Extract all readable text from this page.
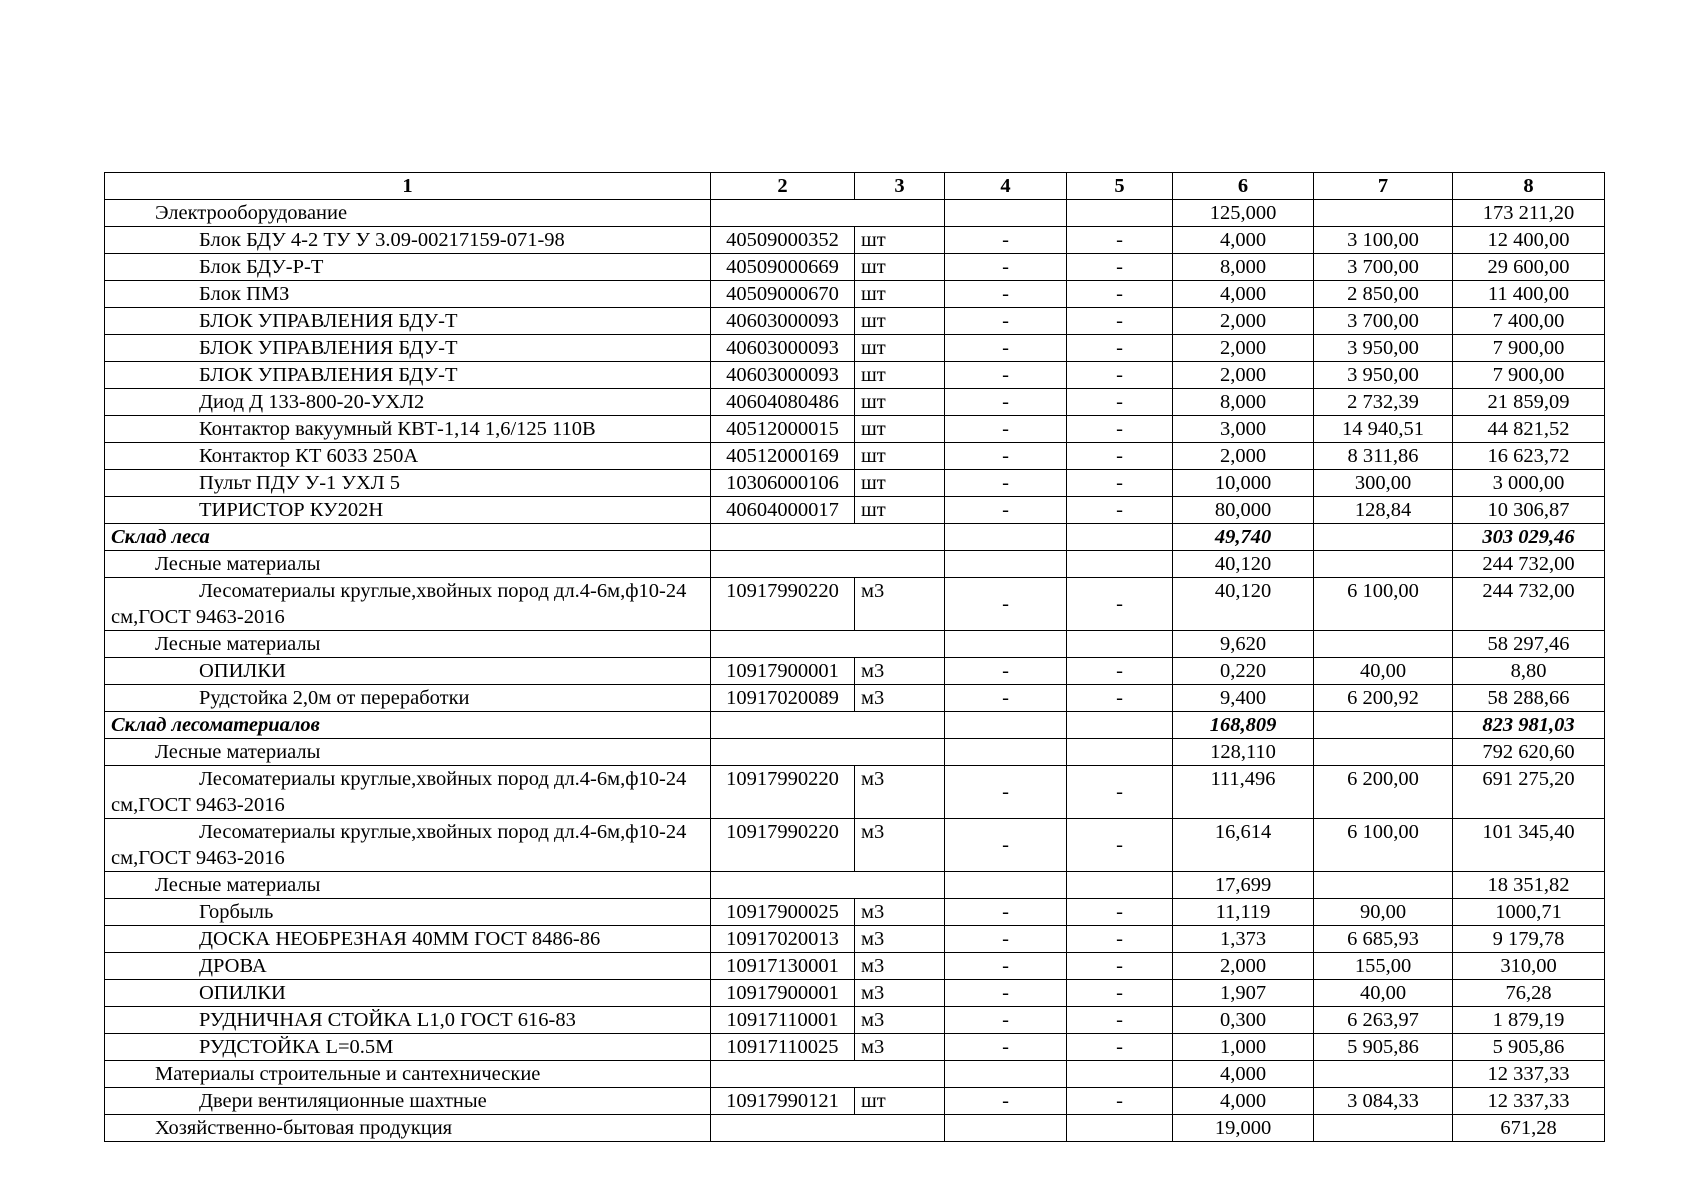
1	2	3	4	5	6	7	8
Электрооборудование					125,000		173 211,20
Блок БДУ 4-2 ТУ У 3.09-00217159-071-98	40509000352	шт	-	-	4,000	3 100,00	12 400,00
Блок БДУ-Р-Т	40509000669	шт	-	-	8,000	3 700,00	29 600,00
Блок ПМЗ	40509000670	шт	-	-	4,000	2 850,00	11 400,00
БЛОК УПРАВЛЕНИЯ БДУ-Т	40603000093	шт	-	-	2,000	3 700,00	7 400,00
БЛОК УПРАВЛЕНИЯ БДУ-Т	40603000093	шт	-	-	2,000	3 950,00	7 900,00
БЛОК УПРАВЛЕНИЯ БДУ-Т	40603000093	шт	-	-	2,000	3 950,00	7 900,00
Диод Д 133-800-20-УХЛ2	40604080486	шт	-	-	8,000	2 732,39	21 859,09
Контактор вакуумный КВТ-1,14 1,6/125 110В	40512000015	шт	-	-	3,000	14 940,51	44 821,52
Контактор КТ 6033 250А	40512000169	шт	-	-	2,000	8 311,86	16 623,72
Пульт ПДУ У-1 УХЛ 5	10306000106	шт	-	-	10,000	300,00	3 000,00
ТИРИСТОР КУ202Н	40604000017	шт	-	-	80,000	128,84	10 306,87
Склад леса					49,740		303 029,46
Лесные материалы					40,120		244 732,00
Лесоматериалы круглые,хвойных пород дл.4-6м,ф10-24 см,ГОСТ 9463-2016	10917990220	м3	-	-	40,120	6 100,00	244 732,00
Лесные материалы					9,620		58 297,46
ОПИЛКИ	10917900001	м3	-	-	0,220	40,00	8,80
Рудстойка 2,0м от переработки	10917020089	м3	-	-	9,400	6 200,92	58 288,66
Склад лесоматериалов					168,809		823 981,03
Лесные материалы					128,110		792 620,60
Лесоматериалы круглые,хвойных пород дл.4-6м,ф10-24 см,ГОСТ 9463-2016	10917990220	м3	-	-	111,496	6 200,00	691 275,20
Лесоматериалы круглые,хвойных пород дл.4-6м,ф10-24 см,ГОСТ 9463-2016	10917990220	м3	-	-	16,614	6 100,00	101 345,40
Лесные материалы					17,699		18 351,82
Горбыль	10917900025	м3	-	-	11,119	90,00	1000,71
ДОСКА НЕОБРЕЗНАЯ 40ММ ГОСТ 8486-86	10917020013	м3	-	-	1,373	6 685,93	9 179,78
ДРОВА	10917130001	м3	-	-	2,000	155,00	310,00
ОПИЛКИ	10917900001	м3	-	-	1,907	40,00	76,28
РУДНИЧНАЯ СТОЙКА L1,0 ГОСТ 616-83	10917110001	м3	-	-	0,300	6 263,97	1 879,19
РУДСТОЙКА L=0.5М	10917110025	м3	-	-	1,000	5 905,86	5 905,86
Материалы строительные и сантехнические					4,000		12 337,33
Двери вентиляционные шахтные	10917990121	шт	-	-	4,000	3 084,33	12 337,33
Хозяйственно-бытовая продукция					19,000		671,28
